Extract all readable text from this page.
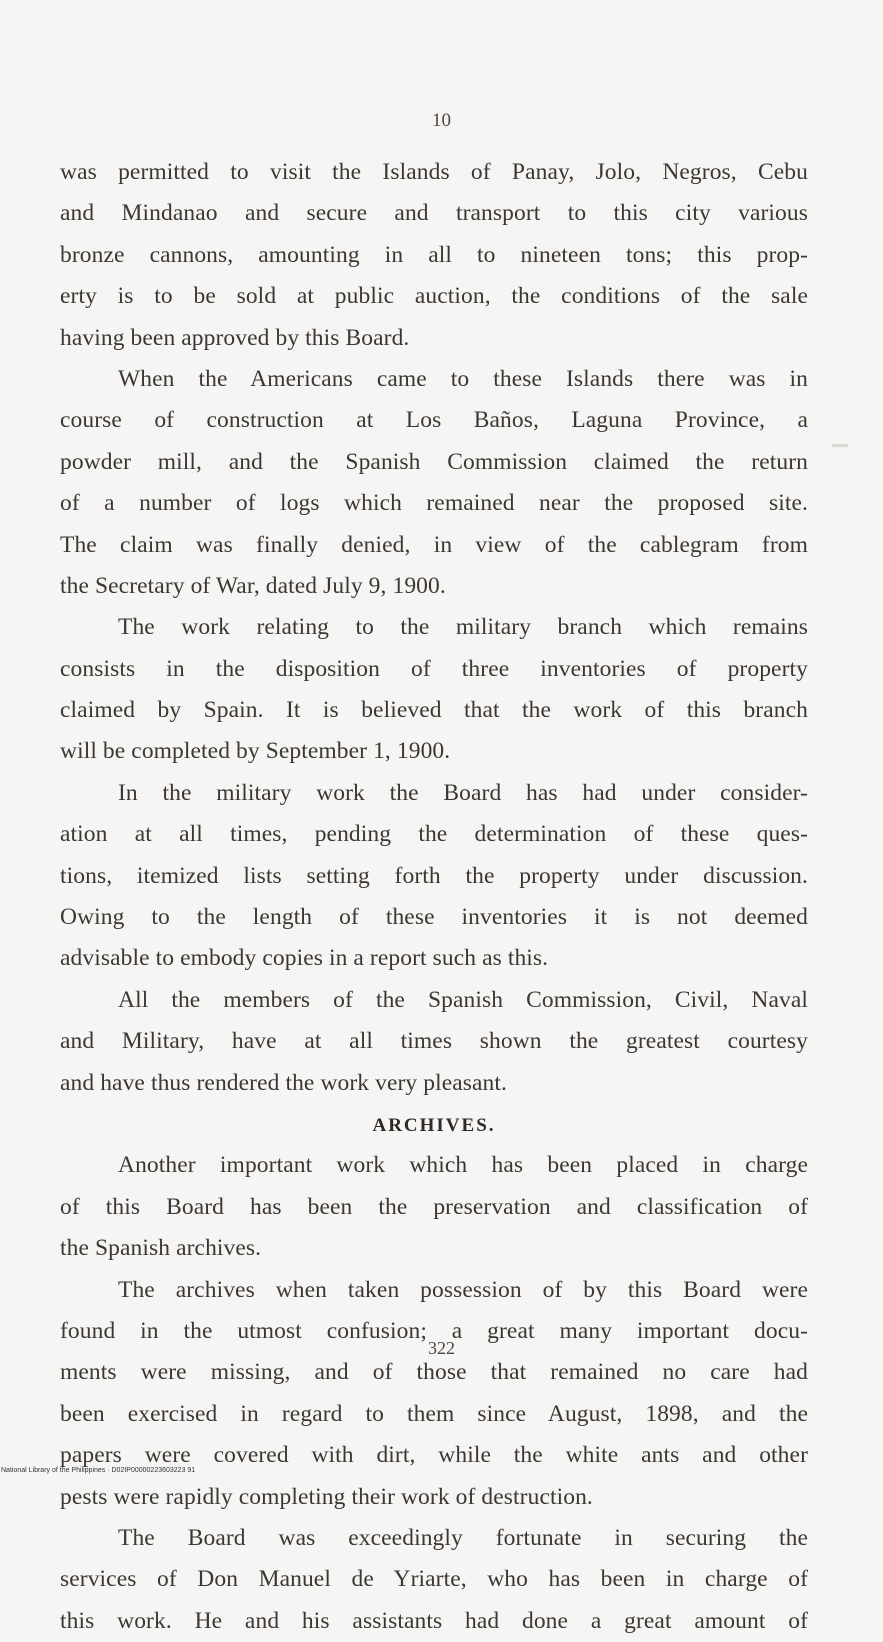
10
was permitted to visit the Islands of Panay, Jolo, Negros, Cebu
and Mindanao and secure and transport to this city various
bronze cannons, amounting in all to nineteen tons; this prop-
erty is to be sold at public auction, the conditions of the sale
having been approved by this Board.
When the Americans came to these Islands there was in
course of construction at Los Baños, Laguna Province, a
powder mill, and the Spanish Commission claimed the return
of a number of logs which remained near the proposed site.
The claim was finally denied, in view of the cablegram from
the Secretary of War, dated July 9, 1900.
The work relating to the military branch which remains
consists in the disposition of three inventories of property
claimed by Spain. It is believed that the work of this branch
will be completed by September 1, 1900.
In the military work the Board has had under consider-
ation at all times, pending the determination of these ques-
tions, itemized lists setting forth the property under discussion.
Owing to the length of these inventories it is not deemed
advisable to embody copies in a report such as this.
All the members of the Spanish Commission, Civil, Naval
and Military, have at all times shown the greatest courtesy
and have thus rendered the work very pleasant.
ARCHIVES.
Another important work which has been placed in charge
of this Board has been the preservation and classification of
the Spanish archives.
The archives when taken possession of by this Board were
found in the utmost confusion; a great many important docu-
ments were missing, and of those that remained no care had
been exercised in regard to them since August, 1898, and the
papers were covered with dirt, while the white ants and other
pests were rapidly completing their work of destruction.
The Board was exceedingly fortunate in securing the
services of Don Manuel de Yriarte, who has been in charge of
this work. He and his assistants had done a great amount of
322
National Library of the Philippines · D02IP00000223603223 91
